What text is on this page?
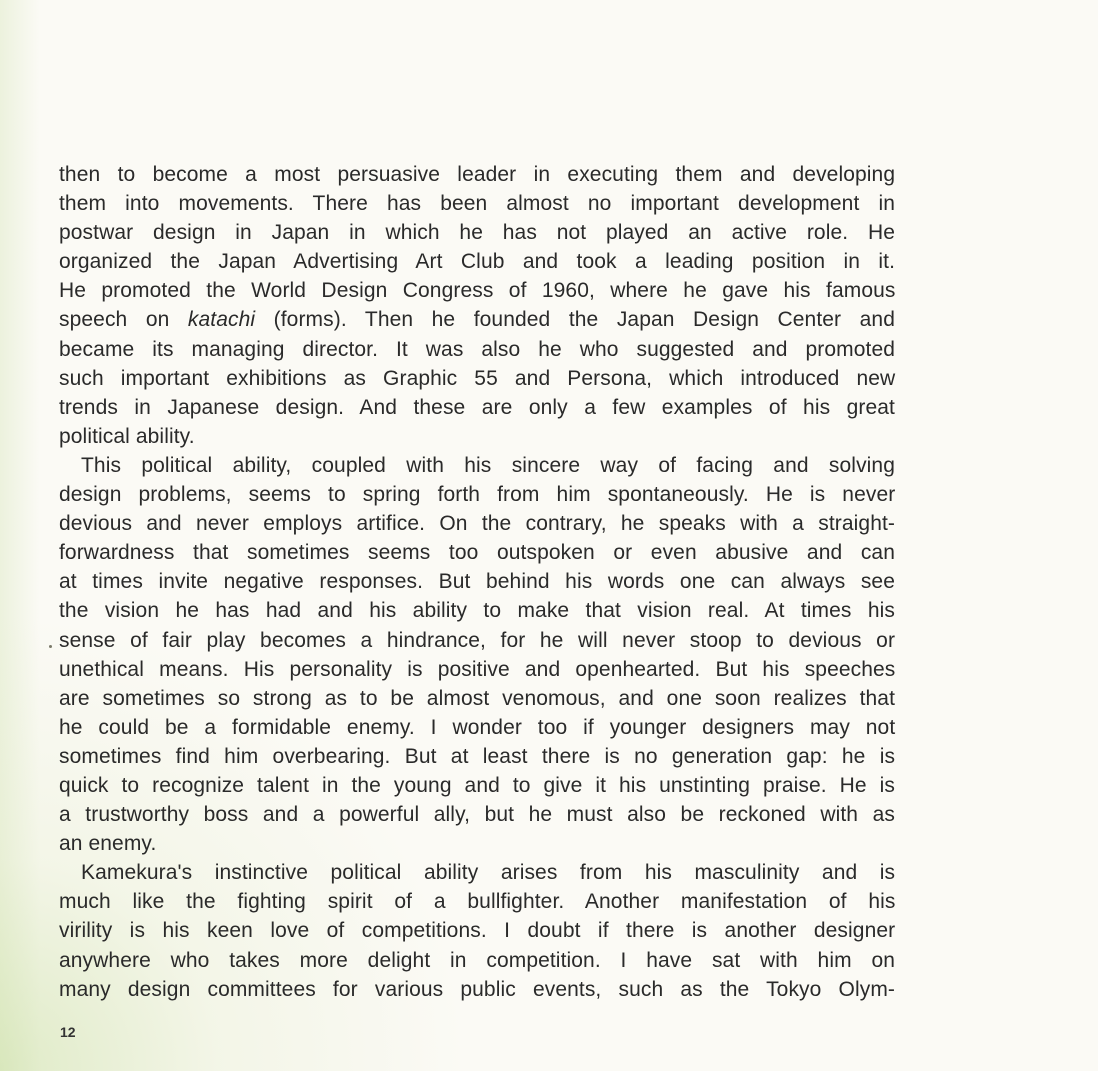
then to become a most persuasive leader in executing them and developing
them into movements. There has been almost no important development in
postwar design in Japan in which he has not played an active role. He
organized the Japan Advertising Art Club and took a leading position in it.
He promoted the World Design Congress of 1960, where he gave his famous
speech on katachi (forms). Then he founded the Japan Design Center and
became its managing director. It was also he who suggested and promoted
such important exhibitions as Graphic 55 and Persona, which introduced new
trends in Japanese design. And these are only a few examples of his great
political ability.
This political ability, coupled with his sincere way of facing and solving
design problems, seems to spring forth from him spontaneously. He is never
devious and never employs artifice. On the contrary, he speaks with a straight-
forwardness that sometimes seems too outspoken or even abusive and can
at times invite negative responses. But behind his words one can always see
the vision he has had and his ability to make that vision real. At times his
sense of fair play becomes a hindrance, for he will never stoop to devious or
unethical means. His personality is positive and openhearted. But his speeches
are sometimes so strong as to be almost venomous, and one soon realizes that
he could be a formidable enemy. I wonder too if younger designers may not
sometimes find him overbearing. But at least there is no generation gap: he is
quick to recognize talent in the young and to give it his unstinting praise. He is
a trustworthy boss and a powerful ally, but he must also be reckoned with as
an enemy.
Kamekura's instinctive political ability arises from his masculinity and is
much like the fighting spirit of a bullfighter. Another manifestation of his
virility is his keen love of competitions. I doubt if there is another designer
anywhere who takes more delight in competition. I have sat with him on
many design committees for various public events, such as the Tokyo Olym-
12
